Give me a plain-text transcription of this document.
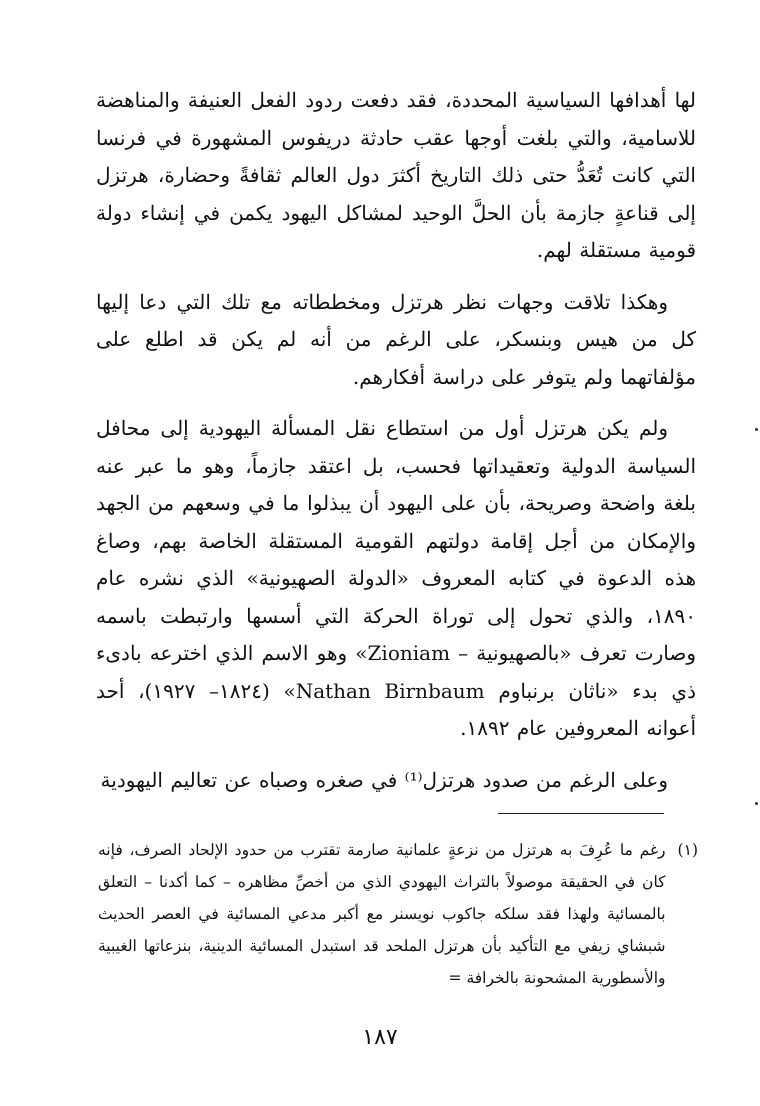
لها أهدافها السياسية المحددة، فقد دفعت ردود الفعل العنيفة والمناهضة للاسامية، والتي بلغت أوجها عقب حادثة دريفوس المشهورة في فرنسا التي كانت تُعَدُّ حتى ذلك التاريخ أكثرَ دول العالم ثقافةً وحضارة، هرتزل إلى قناعةٍ جازمة بأن الحلَّ الوحيد لمشاكل اليهود يكمن في إنشاء دولة قومية مستقلة لهم.

وهكذا تلاقت وجهات نظر هرتزل ومخططاته مع تلك التي دعا إليها كل من هيس وبنسكر، على الرغم من أنه لم يكن قد اطلع على مؤلفاتهما ولم يتوفر على دراسة أفكارهم.

ولم يكن هرتزل أول من استطاع نقل المسألة اليهودية إلى محافل السياسة الدولية وتعقيداتها فحسب، بل اعتقد جازماً، وهو ما عبر عنه بلغة واضحة وصريحة، بأن على اليهود أن يبذلوا ما في وسعهم من الجهد والإمكان من أجل إقامة دولتهم القومية المستقلة الخاصة بهم، وصاغ هذه الدعوة في كتابه المعروف «الدولة الصهيونية» الذي نشره عام ١٨٩٠، والذي تحول إلى توراة الحركة التي أسسها وارتبطت باسمه وصارت تعرف «بالصهيونية – Zioniam» وهو الاسم الذي اخترعه بادىء ذي بدء «ناثان برنباوم Nathan Birnbaum» (١٨٢٤– ١٩٢٧)، أحد أعوانه المعروفين عام ١٨٩٢.

وعلى الرغم من صدود هرتزل⁽¹⁾ في صغره وصباه عن تعاليم اليهودية

(١)

رغم ما عُرِفَ به هرتزل من نزعةٍ علمانية صارمة تقترب من حدود الإلحاد الصرف، فإنه كان في الحقيقة موصولاً بالتراث اليهودي الذي من أخصِّ مظاهره – كما أكدنا – التعلق بالمسائية ولهذا فقد سلكه جاكوب نويسنر مع أكبر مدعي المسائية في العصر الحديث شبشاي زيفي مع التأكيد بأن هرتزل الملحد قد استبدل المسائية الدينية، بنزعاتها الغيبية والأسطورية المشحونة بالخرافة =

١٨٧
